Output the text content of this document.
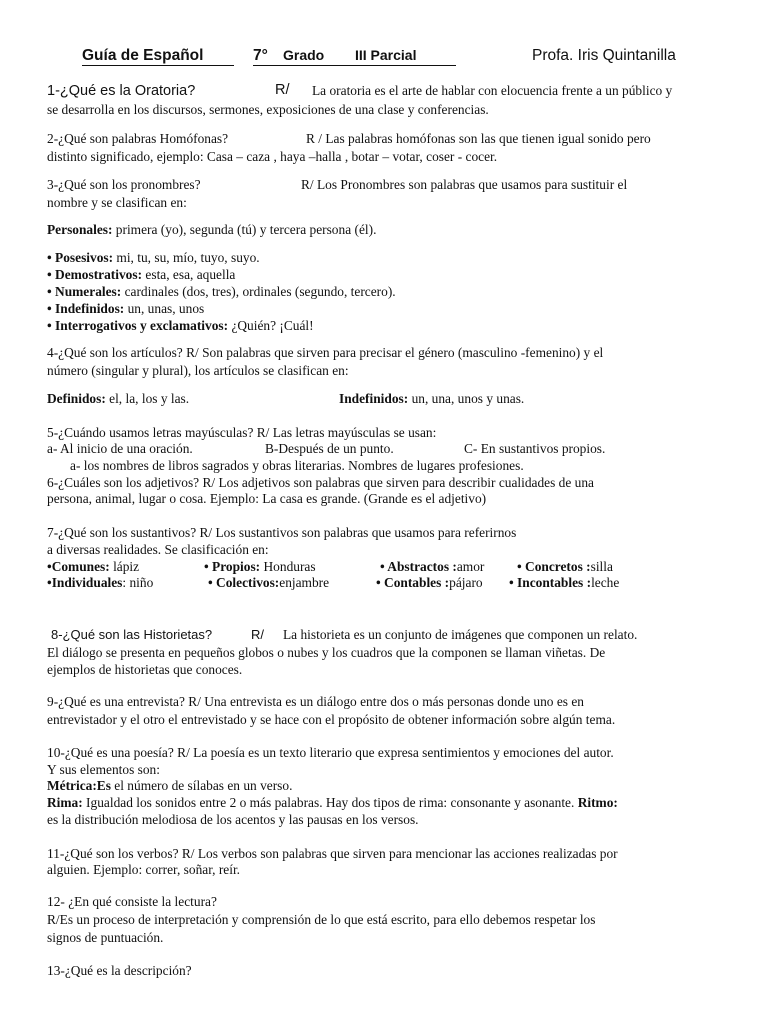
Guía de Español	7° Grado III Parcial	Profa. Iris Quintanilla
1-¿Qué es la Oratoria?	R/ La oratoria es el arte de hablar con elocuencia frente a un público y
se desarrolla en los discursos, sermones, exposiciones de una clase y conferencias.
2-¿Qué son palabras Homófonas?	R / Las palabras homófonas son las que tienen igual sonido pero
distinto significado, ejemplo: Casa – caza , haya –halla , botar – votar, coser - cocer.
3-¿Qué son los pronombres?	R/ Los Pronombres son palabras que usamos para sustituir el
nombre y se clasifican en:
Personales: primera (yo), segunda (tú) y tercera persona (él).
• Posesivos: mi, tu, su, mío, tuyo, suyo.
• Demostrativos: esta, esa, aquella
• Numerales: cardinales (dos, tres), ordinales (segundo, tercero).
• Indefinidos: un, unas, unos
• Interrogativos y exclamativos: ¿Quién? ¡Cuál!
4-¿Qué son los artículos? R/ Son palabras que sirven para precisar el género (masculino -femenino) y el
número (singular y plural), los artículos se clasifican en:
Definidos: el, la, los y las.	Indefinidos: un, una, unos y unas.
5-¿Cuándo usamos letras mayúsculas? R/ Las letras mayúsculas se usan:
a- Al inicio de una oración.	B-Después de un punto.	C- En sustantivos propios.
a- los nombres de libros sagrados y obras literarias. Nombres de lugares profesiones.
6-¿Cuáles son los adjetivos? R/ Los adjetivos son palabras que sirven para describir cualidades de una
persona, animal, lugar o cosa. Ejemplo: La casa es grande. (Grande es el adjetivo)
7-¿Qué son los sustantivos? R/ Los sustantivos son palabras que usamos para referirnos
a diversas realidades. Se clasificación en:
•Comunes: lápiz	• Propios: Honduras	• Abstractos :amor • Concretos :silla
•Individuales: niño	• Colectivos:enjambre	• Contables :pájaro • Incontables :leche
8-¿Qué son las Historietas?	R/ La historieta es un conjunto de imágenes que componen un relato.
El diálogo se presenta en pequeños globos o nubes y los cuadros que la componen se llaman viñetas. De
ejemplos de historietas que conoces.
9-¿Qué es una entrevista? R/ Una entrevista es un diálogo entre dos o más personas donde uno es en
entrevistador y el otro el entrevistado y se hace con el propósito de obtener información sobre algún tema.
10-¿Qué es una poesía? R/ La poesía es un texto literario que expresa sentimientos y emociones del autor.
Y sus elementos son:
Métrica:Es el número de sílabas en un verso.
Rima: Igualdad los sonidos entre 2 o más palabras. Hay dos tipos de rima: consonante y asonante. Ritmo:
es la distribución melodiosa de los acentos y las pausas en los versos.
11-¿Qué son los verbos? R/ Los verbos son palabras que sirven para mencionar las acciones realizadas por
alguien. Ejemplo: correr, soñar, reír.
12- ¿En qué consiste la lectura?
R/Es un proceso de interpretación y comprensión de lo que está escrito, para ello debemos respetar los
signos de puntuación.
13-¿Qué es la descripción?
